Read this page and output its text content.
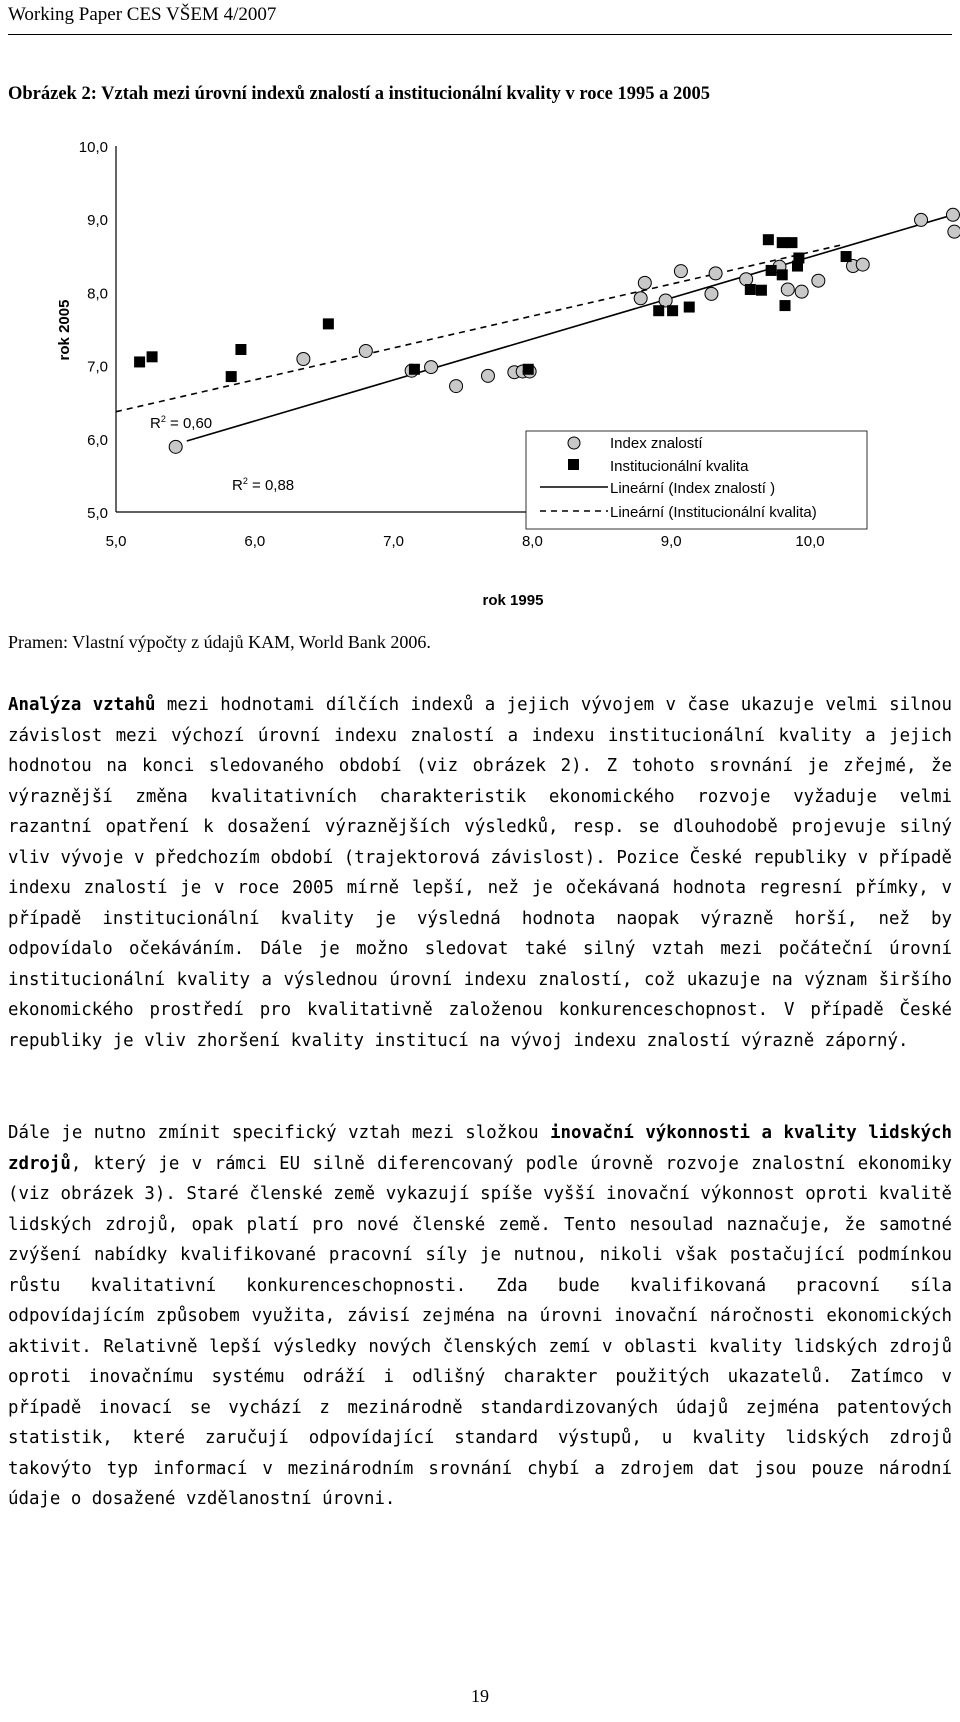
Working Paper CES VŠEM 4/2007
Obrázek 2: Vztah mezi úrovní indexů znalostí a institucionální kvality v roce 1995 a 2005
5,0
6,0
7,0
8,0
9,0
10,0
5,0	6,0	7,0	8,0	9,0	10,0
rok 2005
rok 1995
$R^2 = 0,60$
$R^2 = 0,88$
Index znalostí
Institucionální kvalita
Lineární (Index znalostí )
Lineární (Institucionální kvalita)
Pramen: Vlastní výpočty z údajů KAM, World Bank 2006.

Analýza vztahů mezi hodnotami dílčích indexů a jejich vývojem v čase ukazuje velmi silnou závislost mezi výchozí úrovní indexu znalostí a indexu institucionální kvality a jejich hodnotou na konci sledovaného období (viz obrázek 2). Z tohoto srovnání je zřejmé, že výraznější změna kvalitativních charakteristik ekonomického rozvoje vyžaduje velmi razantní opatření k dosažení výraznějších výsledků, resp. se dlouhodobě projevuje silný vliv vývoje v předchozím období (trajektorová závislost). Pozice České republiky v případě indexu znalostí je v roce 2005 mírně lepší, než je očekávaná hodnota regresní přímky, v případě institucionální kvality je výsledná hodnota naopak výrazně horší, než by odpovídalo očekáváním. Dále je možno sledovat také silný vztah mezi počáteční úrovní institucionální kvality a výslednou úrovní indexu znalostí, což ukazuje na význam širšího ekonomického prostředí pro kvalitativně založenou konkurenceschopnost. V případě České republiky je vliv zhoršení kvality institucí na vývoj indexu znalostí výrazně záporný.

Dále je nutno zmínit specifický vztah mezi složkou inovační výkonnosti a kvality lidských zdrojů, který je v rámci EU silně diferencovaný podle úrovně rozvoje znalostní ekonomiky (viz obrázek 3). Staré členské země vykazují spíše vyšší inovační výkonnost oproti kvalitě lidských zdrojů, opak platí pro nové členské země. Tento nesoulad naznačuje, že samotné zvýšení nabídky kvalifikované pracovní síly je nutnou, nikoli však postačující podmínkou růstu kvalitativní konkurenceschopnosti. Zda bude kvalifikovaná pracovní síla odpovídajícím způsobem využita, závisí zejména na úrovni inovační náročnosti ekonomických aktivit. Relativně lepší výsledky nových členských zemí v oblasti kvality lidských zdrojů oproti inovačnímu systému odráží i odlišný charakter použitých ukazatelů. Zatímco v případě inovací se vychází z mezinárodně standardizovaných údajů zejména patentových statistik, které zaručují odpovídající standard výstupů, u kvality lidských zdrojů takovýto typ informací v mezinárodním srovnání chybí a zdrojem dat jsou pouze národní údaje o dosažené vzdělanostní úrovni.

19
